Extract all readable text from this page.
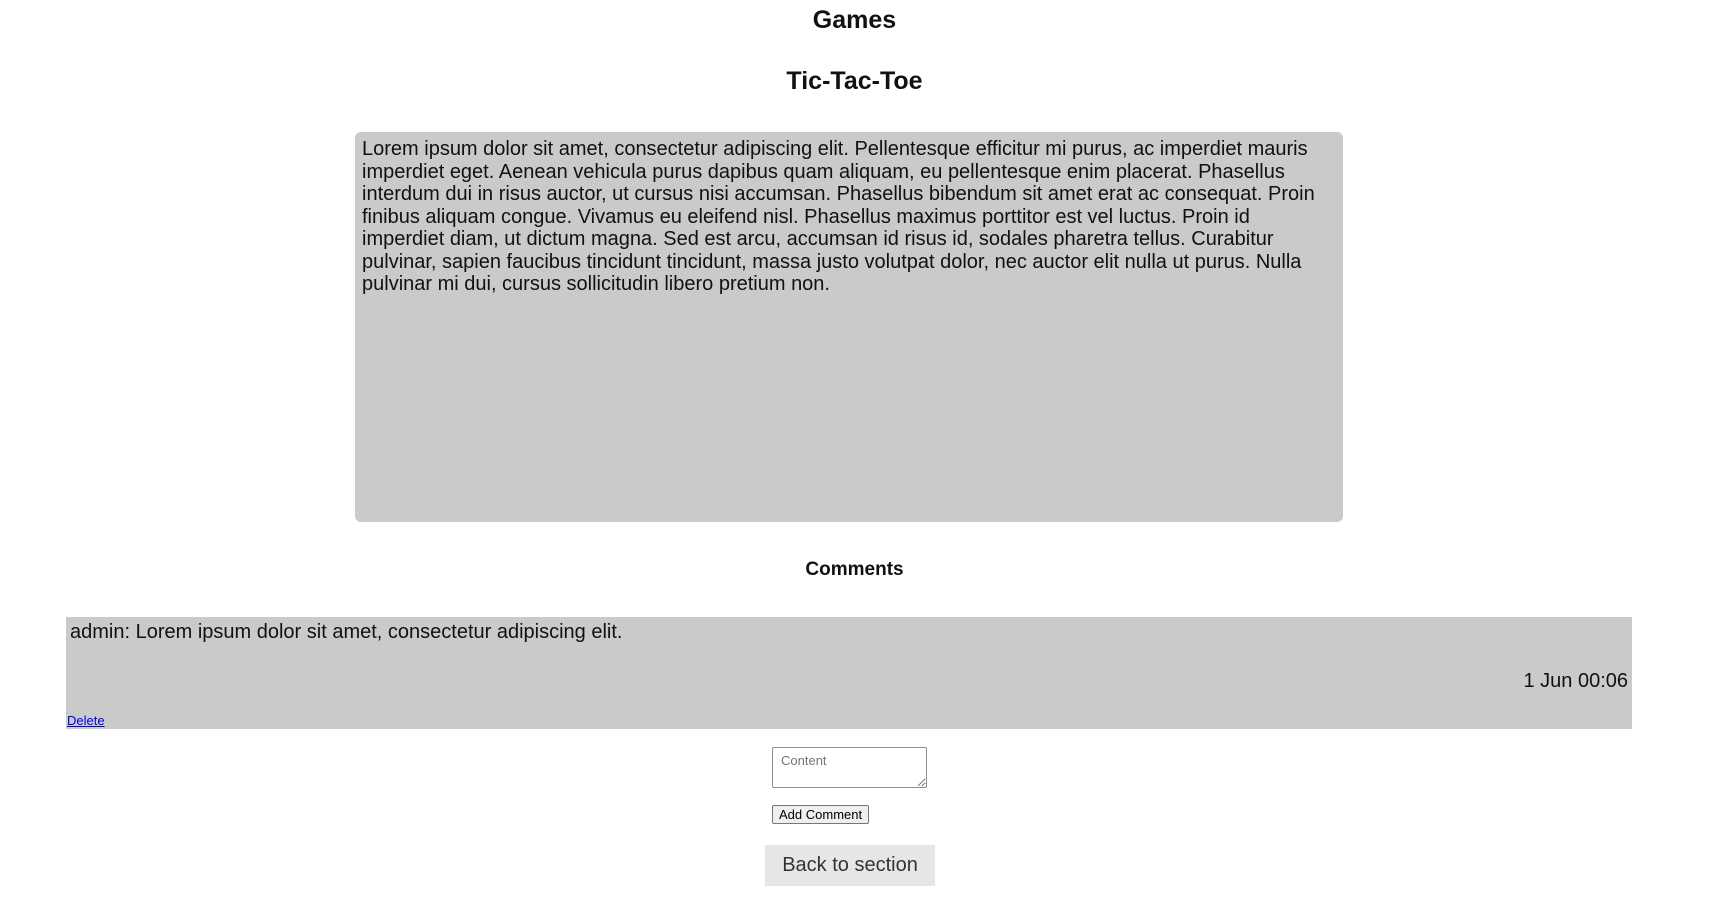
Games
Tic-Tac-Toe
Lorem ipsum dolor sit amet, consectetur adipiscing elit. Pellentesque efficitur mi purus, ac imperdiet mauris imperdiet eget. Aenean vehicula purus dapibus quam aliquam, eu pellentesque enim placerat. Phasellus interdum dui in risus auctor, ut cursus nisi accumsan. Phasellus bibendum sit amet erat ac consequat. Proin finibus aliquam congue. Vivamus eu eleifend nisl. Phasellus maximus porttitor est vel luctus. Proin id imperdiet diam, ut dictum magna. Sed est arcu, accumsan id risus id, sodales pharetra tellus. Curabitur pulvinar, sapien faucibus tincidunt tincidunt, massa justo volutpat dolor, nec auctor elit nulla ut purus. Nulla pulvinar mi dui, cursus sollicitudin libero pretium non.
Comments
admin: Lorem ipsum dolor sit amet, consectetur adipiscing elit.
1 Jun 00:06
Delete
Content
Add Comment
Back to section
